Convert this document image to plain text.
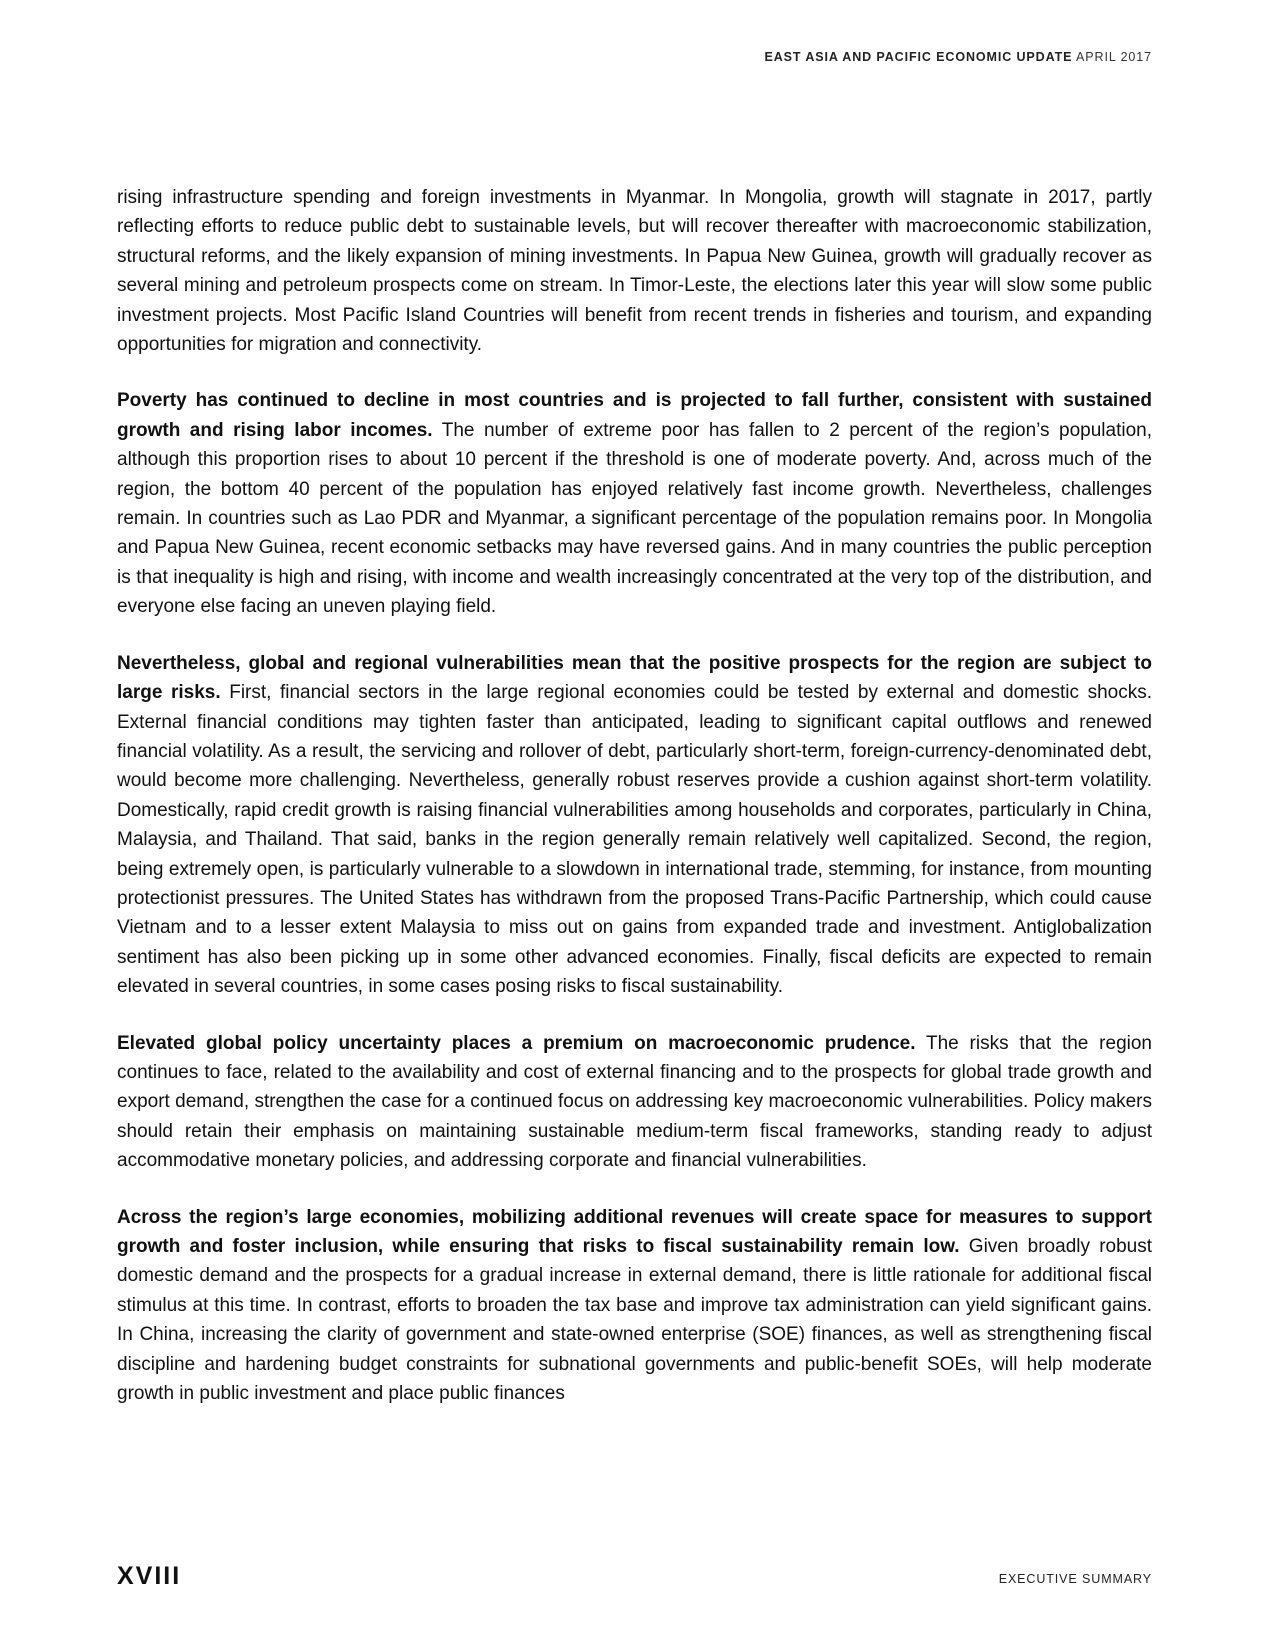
EAST ASIA AND PACIFIC ECONOMIC UPDATE APRIL 2017

rising infrastructure spending and foreign investments in Myanmar. In Mongolia, growth will stagnate in 2017, partly reflecting efforts to reduce public debt to sustainable levels, but will recover thereafter with macroeconomic stabilization, structural reforms, and the likely expansion of mining investments. In Papua New Guinea, growth will gradually recover as several mining and petroleum prospects come on stream. In Timor-Leste, the elections later this year will slow some public investment projects. Most Pacific Island Countries will benefit from recent trends in fisheries and tourism, and expanding opportunities for migration and connectivity.

Poverty has continued to decline in most countries and is projected to fall further, consistent with sustained growth and rising labor incomes. The number of extreme poor has fallen to 2 percent of the region’s population, although this proportion rises to about 10 percent if the threshold is one of moderate poverty. And, across much of the region, the bottom 40 percent of the population has enjoyed relatively fast income growth. Nevertheless, challenges remain. In countries such as Lao PDR and Myanmar, a significant percentage of the population remains poor. In Mongolia and Papua New Guinea, recent economic setbacks may have reversed gains. And in many countries the public perception is that inequality is high and rising, with income and wealth increasingly concentrated at the very top of the distribution, and everyone else facing an uneven playing field.

Nevertheless, global and regional vulnerabilities mean that the positive prospects for the region are subject to large risks. First, financial sectors in the large regional economies could be tested by external and domestic shocks. External financial conditions may tighten faster than anticipated, leading to significant capital outflows and renewed financial volatility. As a result, the servicing and rollover of debt, particularly short-term, foreign-currency-denominated debt, would become more challenging. Nevertheless, generally robust reserves provide a cushion against short-term volatility. Domestically, rapid credit growth is raising financial vulnerabilities among households and corporates, particularly in China, Malaysia, and Thailand. That said, banks in the region generally remain relatively well capitalized. Second, the region, being extremely open, is particularly vulnerable to a slowdown in international trade, stemming, for instance, from mounting protectionist pressures. The United States has withdrawn from the proposed Trans-Pacific Partnership, which could cause Vietnam and to a lesser extent Malaysia to miss out on gains from expanded trade and investment. Antiglobalization sentiment has also been picking up in some other advanced economies. Finally, fiscal deficits are expected to remain elevated in several countries, in some cases posing risks to fiscal sustainability.

Elevated global policy uncertainty places a premium on macroeconomic prudence. The risks that the region continues to face, related to the availability and cost of external financing and to the prospects for global trade growth and export demand, strengthen the case for a continued focus on addressing key macroeconomic vulnerabilities. Policy makers should retain their emphasis on maintaining sustainable medium-term fiscal frameworks, standing ready to adjust accommodative monetary policies, and addressing corporate and financial vulnerabilities.

Across the region’s large economies, mobilizing additional revenues will create space for measures to support growth and foster inclusion, while ensuring that risks to fiscal sustainability remain low. Given broadly robust domestic demand and the prospects for a gradual increase in external demand, there is little rationale for additional fiscal stimulus at this time. In contrast, efforts to broaden the tax base and improve tax administration can yield significant gains. In China, increasing the clarity of government and state-owned enterprise (SOE) finances, as well as strengthening fiscal discipline and hardening budget constraints for subnational governments and public-benefit SOEs, will help moderate growth in public investment and place public finances

XVIII	EXECUTIVE SUMMARY
